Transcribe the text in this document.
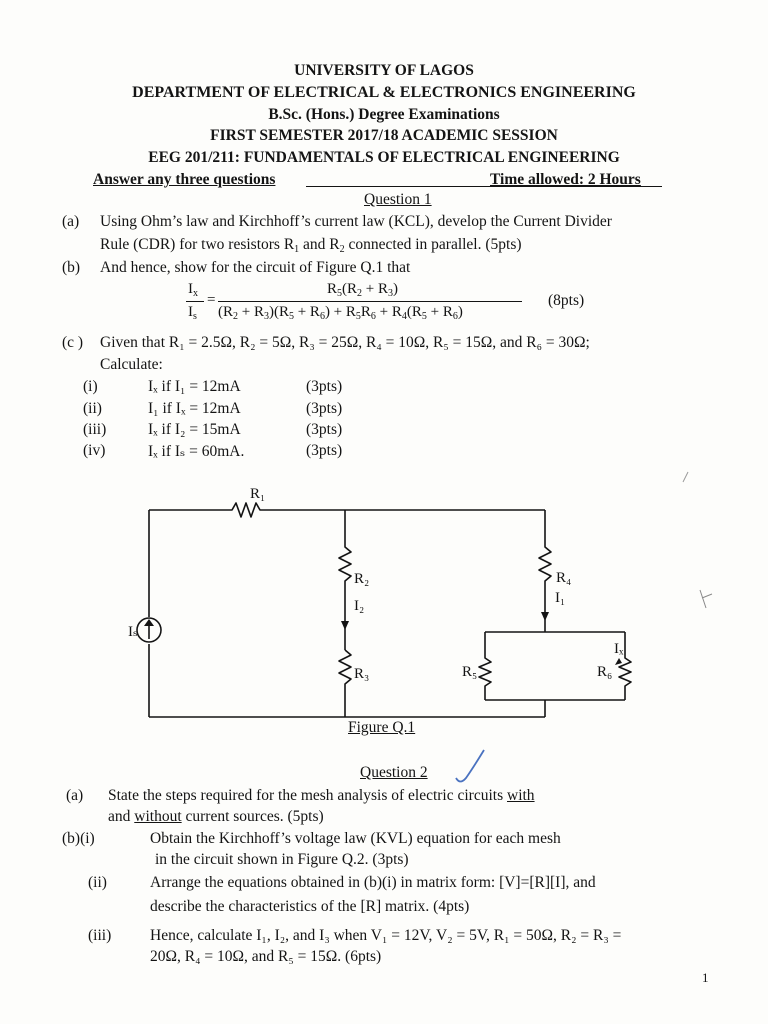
UNIVERSITY OF LAGOS
DEPARTMENT OF ELECTRICAL & ELECTRONICS ENGINEERING
B.Sc. (Hons.) Degree Examinations
FIRST SEMESTER 2017/18 ACADEMIC SESSION
EEG 201/211: FUNDAMENTALS OF ELECTRICAL ENGINEERING
Answer any three questions	Time allowed: 2 Hours
Question 1
(a) Using Ohm’s law and Kirchhoff’s current law (KCL), develop the Current Divider
Rule (CDR) for two resistors $R_1$ and $R_2$ connected in parallel. (5pts)
(b) And hence, show for the circuit of Figure Q.1 that
$I_x$
$I_s$
=
$R_5(R_2 + R_3)$
$(R_2 + R_3)(R_5 + R_6) + R_5R_6 + R_4(R_5 + R_6)$
(8pts)
(c ) Given that R₁ = 2.5Ω, R₂ = 5Ω, R₃ = 25Ω, R₄ = 10Ω, R₅ = 15Ω, and R₆ = 30Ω;
Calculate:
(i)	Iₓ if I₁ = 12mA	(3pts)
(ii)	I₁ if Iₓ = 12mA	(3pts)
(iii)	Iₓ if I₂ = 15mA	(3pts)
(iv)	Iₓ if Iₛ = 60mA.	(3pts)
R₁
R₂
I₂
R₃
R₄
I₁
Iₓ
R₅	R₆
Iₛ
Figure Q.1
Question 2
(a) State the steps required for the mesh analysis of electric circuits with
and without current sources. (5pts)
(b)(i)	Obtain the Kirchhoff’s voltage law (KVL) equation for each mesh
in the circuit shown in Figure Q.2. (3pts)
(ii)	Arrange the equations obtained in (b)(i) in matrix form: [V]=[R][I], and
describe the characteristics of the [R] matrix. (4pts)
(iii)	Hence, calculate I₁, I₂, and I₃ when V₁ = 12V, V₂ = 5V, R₁ = 50Ω, R₂ = R₃ =
20Ω, R₄ = 10Ω, and R₅ = 15Ω. (6pts)
1
